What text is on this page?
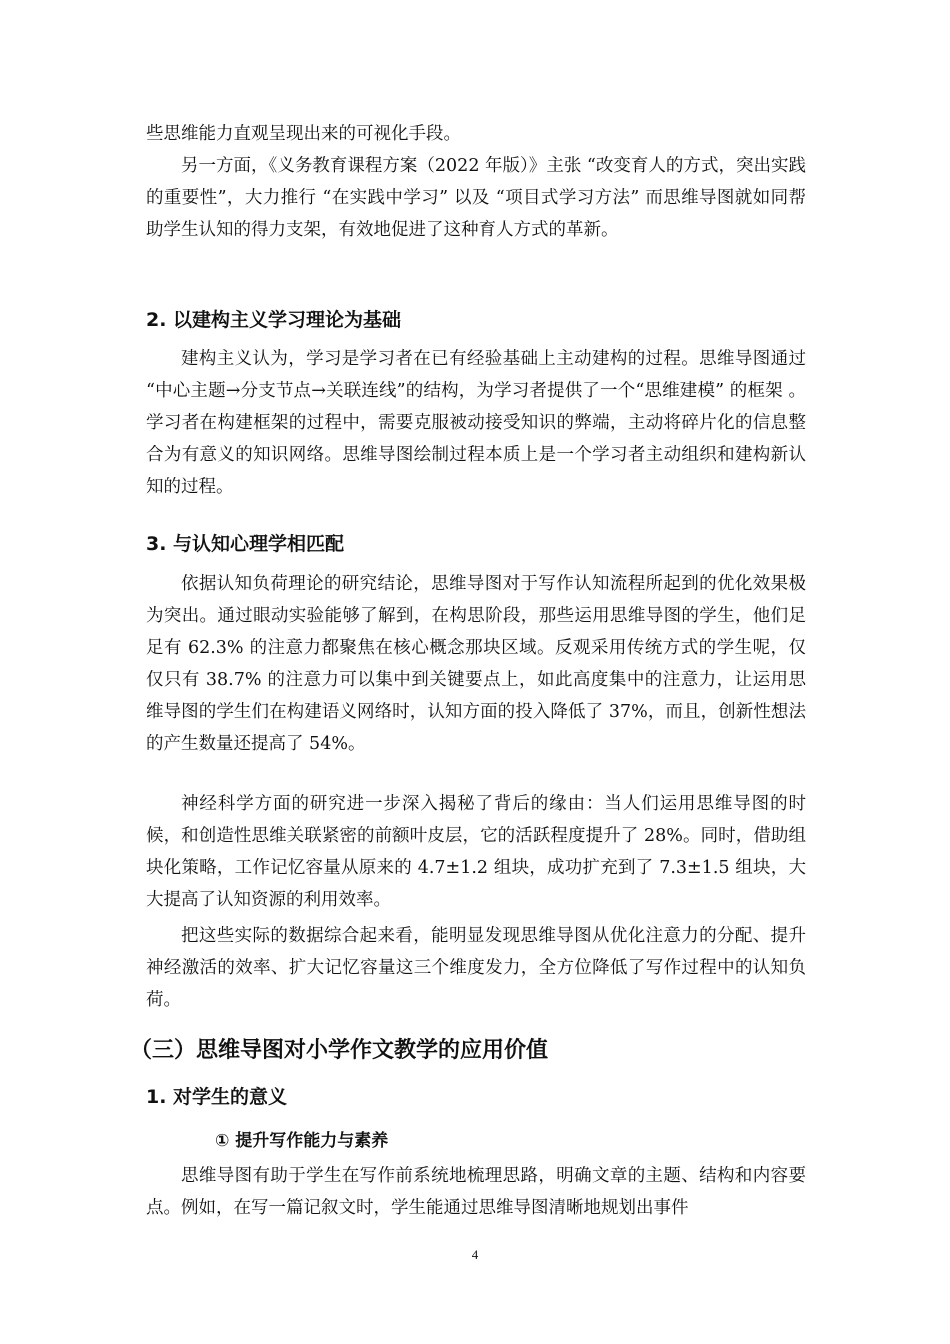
些思维能力直观呈现出来的可视化手段。

另一方面，《义务教育课程方案（2022 年版）》主张 “改变育人的方式，突出实践的重要性”，大力推行 “在实践中学习” 以及 “项目式学习方法” 而思维导图就如同帮助学生认知的得力支架，有效地促进了这种育人方式的革新。

2. 以建构主义学习理论为基础

建构主义认为，学习是学习者在已有经验基础上主动建构的过程。思维导图通过 “中心主题→分支节点→关联连线”的结构，为学习者提供了一个“思维建模” 的框架 。学习者在构建框架的过程中，需要克服被动接受知识的弊端，主动将碎片化的信息整合为有意义的知识网络。思维导图绘制过程本质上是一个学习者主动组织和建构新认知的过程。

3. 与认知心理学相匹配

依据认知负荷理论的研究结论，思维导图对于写作认知流程所起到的优化效果极为突出。通过眼动实验能够了解到，在构思阶段，那些运用思维导图的学生，他们足足有 62.3% 的注意力都聚焦在核心概念那块区域。反观采用传统方式的学生呢，仅仅只有 38.7% 的注意力可以集中到关键要点上，如此高度集中的注意力，让运用思维导图的学生们在构建语义网络时，认知方面的投入降低了 37%，而且，创新性想法的产生数量还提高了 54%。

神经科学方面的研究进一步深入揭秘了背后的缘由：当人们运用思维导图的时候，和创造性思维关联紧密的前额叶皮层，它的活跃程度提升了 28%。同时，借助组块化策略，工作记忆容量从原来的 4.7±1.2 组块，成功扩充到了 7.3±1.5 组块，大大提高了认知资源的利用效率。

把这些实际的数据综合起来看，能明显发现思维导图从优化注意力的分配、提升神经激活的效率、扩大记忆容量这三个维度发力，全方位降低了写作过程中的认知负荷。

（三）思维导图对小学作文教学的应用价值
1. 对学生的意义
① 提升写作能力与素养

思维导图有助于学生在写作前系统地梳理思路，明确文章的主题、结构和内容要点。例如，在写一篇记叙文时，学生能通过思维导图清晰地规划出事件

4
